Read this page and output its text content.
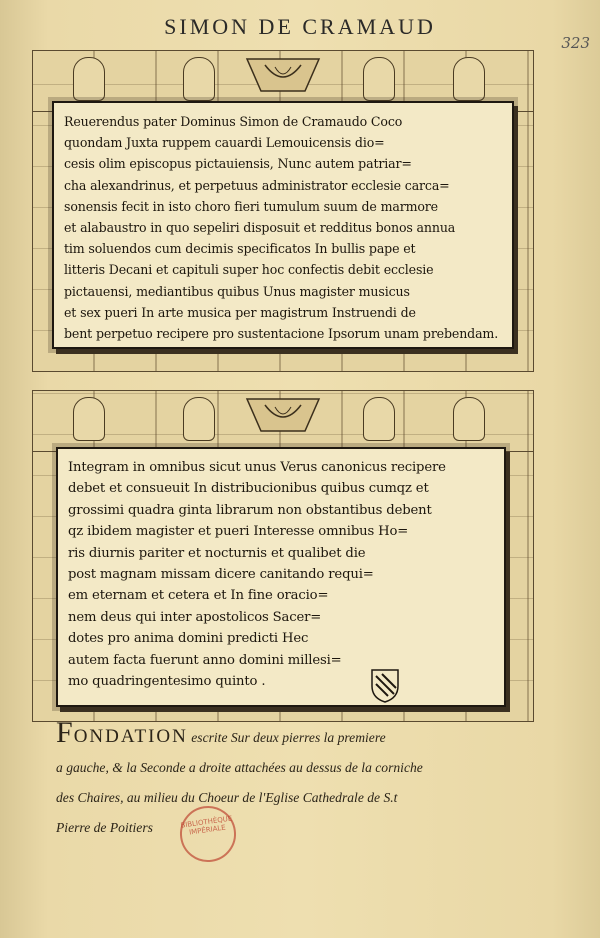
SIMON DE CRAMAUD
323
Reuerendus pater Dominus Simon de Cramaudo Coco
quondam Juxta ruppem cauardi Lemouicensis dio=
cesis olim episcopus pictauiensis, Nunc autem patriar=
cha alexandrinus, et perpetuus administrator ecclesie carca=
sonensis fecit in isto choro fieri tumulum suum de marmore
et alabaustro in quo sepeliri disposuit et redditus bonos annua
tim soluendos cum decimis specificatos In bullis pape et
litteris Decani et capituli super hoc confectis debit ecclesie
pictauensi, mediantibus quibus Unus magister musicus
et sex pueri In arte musica per magistrum Instruendi de
bent perpetuo recipere pro sustentacione Ipsorum unam prebendam.
Integram in omnibus sicut unus Verus canonicus recipere
debet et consueuit In distribucionibus quibus cumqz et
grossimi quadra ginta librarum non obstantibus debent
qz ibidem magister et pueri Interesse omnibus Ho=
ris diurnis pariter et nocturnis et qualibet die
post magnam missam dicere canitando requi=
em eternam et cetera et In fine oracio=
nem deus qui inter apostolicos Sacer=
dotes pro anima domini predicti Hec
autem facta fuerunt anno domini millesi=
mo quadringentesimo quinto .
FONDATION escrite Sur deux pierres la premiere
a gauche, & la Seconde a droite attachées au dessus de la corniche
des Chaires, au milieu du Choeur de l'Eglise Cathedrale de S.t
Pierre de Poitiers	BIBLIOTHÈQUE IMPÉRIALE
